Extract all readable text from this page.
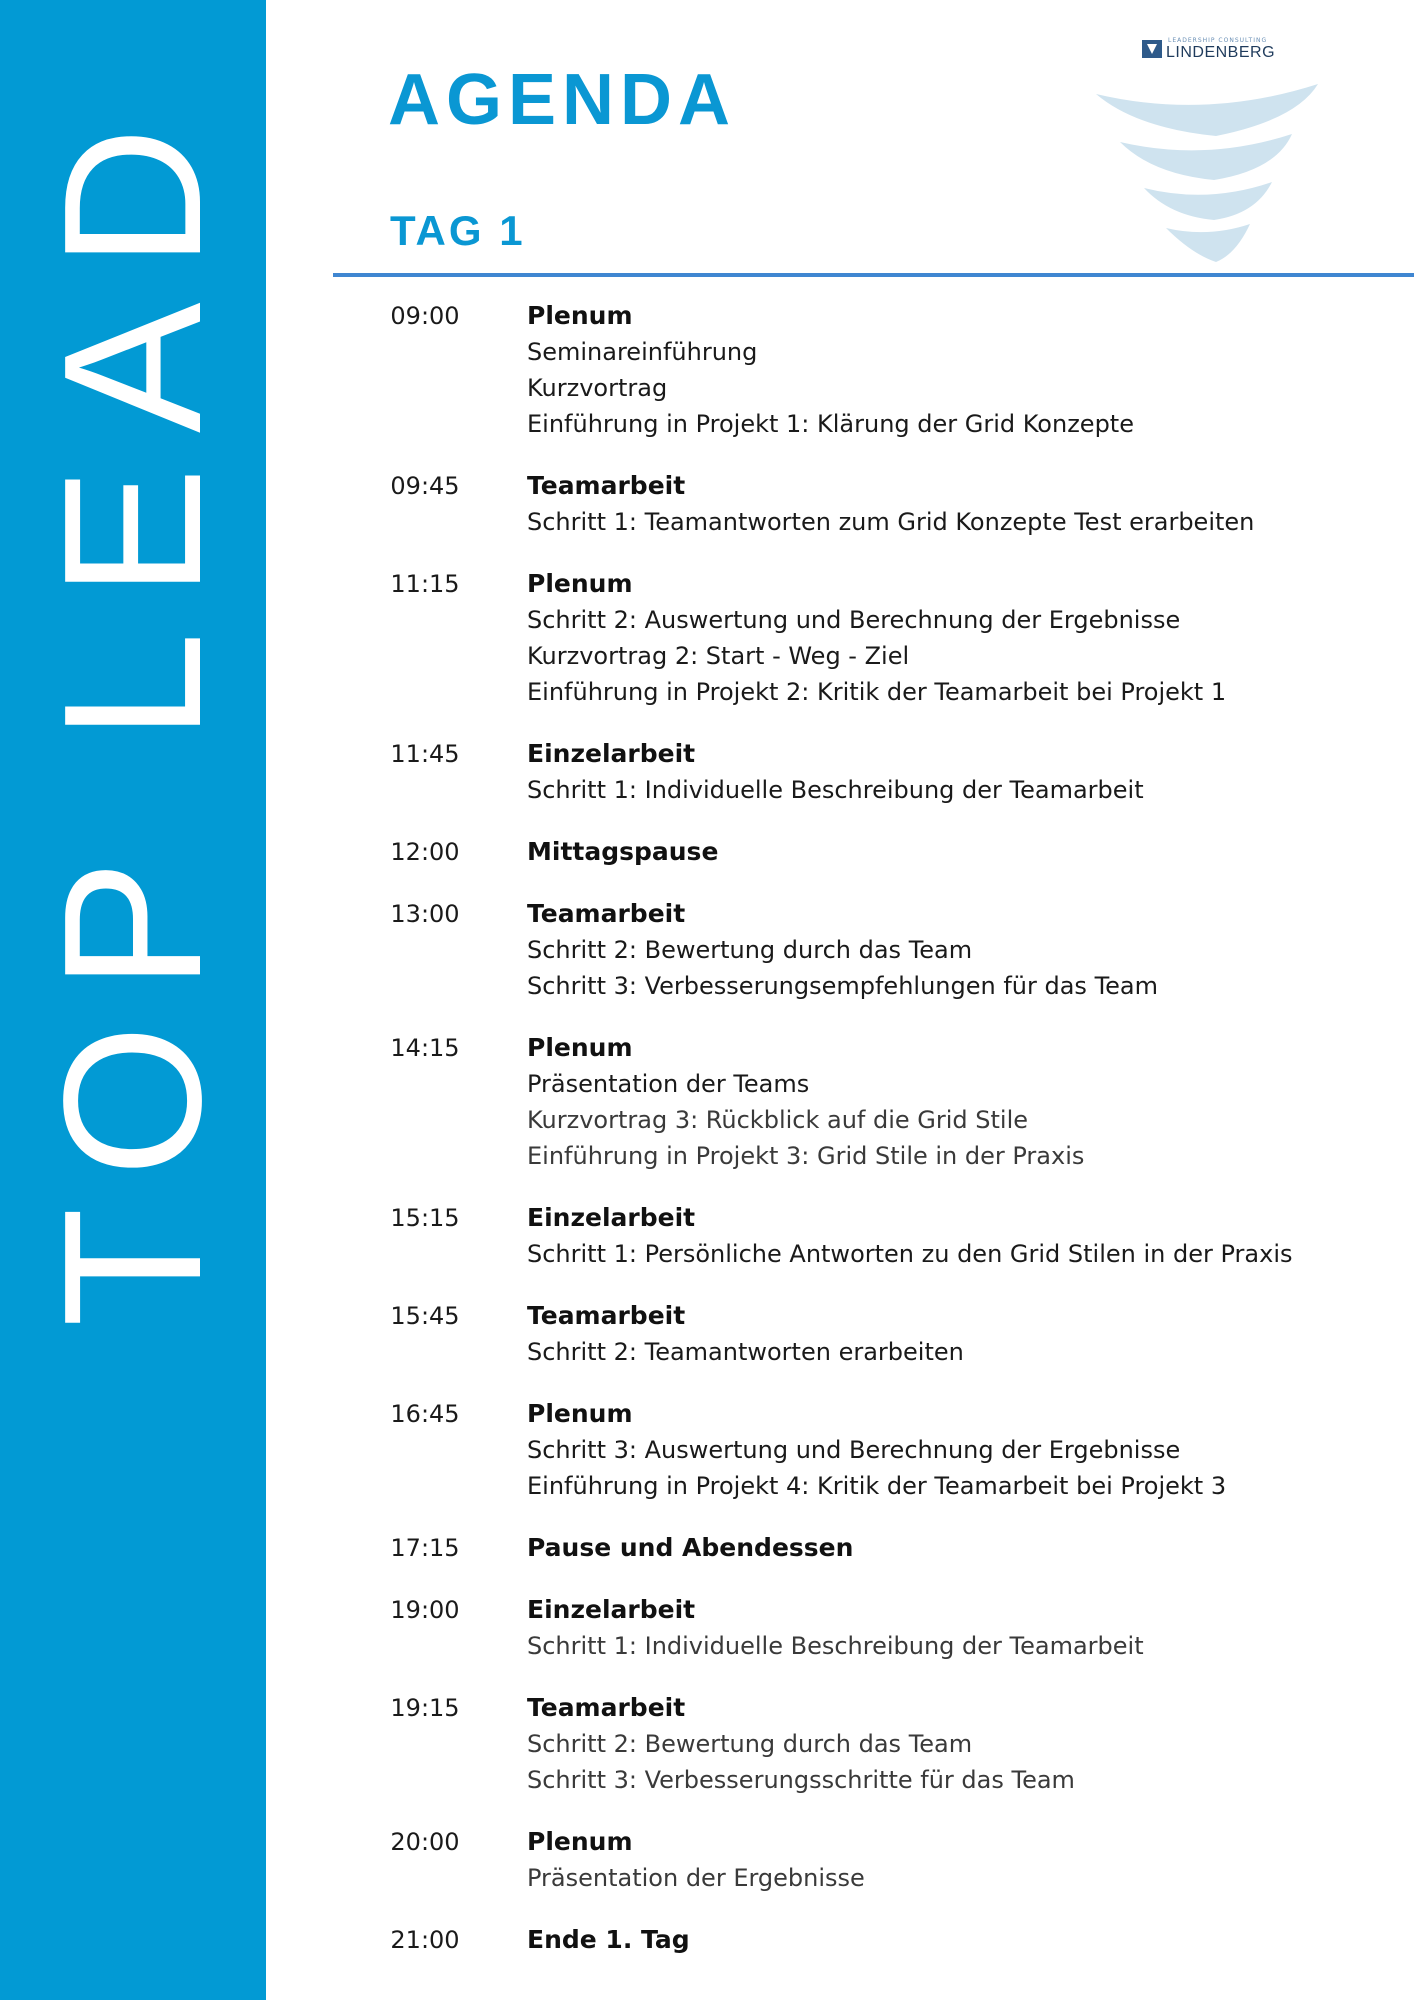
TOP LEAD AGENDA
TAG 1
LEADERSHIP CONSULTING
LINDENBERG
09:00	Plenum
Seminareinführung
Kurzvortrag
Einführung in Projekt 1: Klärung der Grid Konzepte
09:45	Teamarbeit
Schritt 1: Teamantworten zum Grid Konzepte Test erarbeiten
11:15	Plenum
Schritt 2: Auswertung und Berechnung der Ergebnisse
Kurzvortrag 2: Start - Weg - Ziel
Einführung in Projekt 2: Kritik der Teamarbeit bei Projekt 1
11:45	Einzelarbeit
Schritt 1: Individuelle Beschreibung der Teamarbeit
12:00	Mittagspause
13:00	Teamarbeit
Schritt 2: Bewertung durch das Team
Schritt 3: Verbesserungsempfehlungen für das Team
14:15	Plenum
Präsentation der Teams
Kurzvortrag 3: Rückblick auf die Grid Stile
Einführung in Projekt 3: Grid Stile in der Praxis
15:15	Einzelarbeit
Schritt 1: Persönliche Antworten zu den Grid Stilen in der Praxis
15:45	Teamarbeit
Schritt 2: Teamantworten erarbeiten
16:45	Plenum
Schritt 3: Auswertung und Berechnung der Ergebnisse
Einführung in Projekt 4: Kritik der Teamarbeit bei Projekt 3
17:15	Pause und Abendessen
19:00	Einzelarbeit
Schritt 1: Individuelle Beschreibung der Teamarbeit
19:15	Teamarbeit
Schritt 2: Bewertung durch das Team
Schritt 3: Verbesserungsschritte für das Team
20:00	Plenum
Präsentation der Ergebnisse
21:00	Ende 1. Tag
